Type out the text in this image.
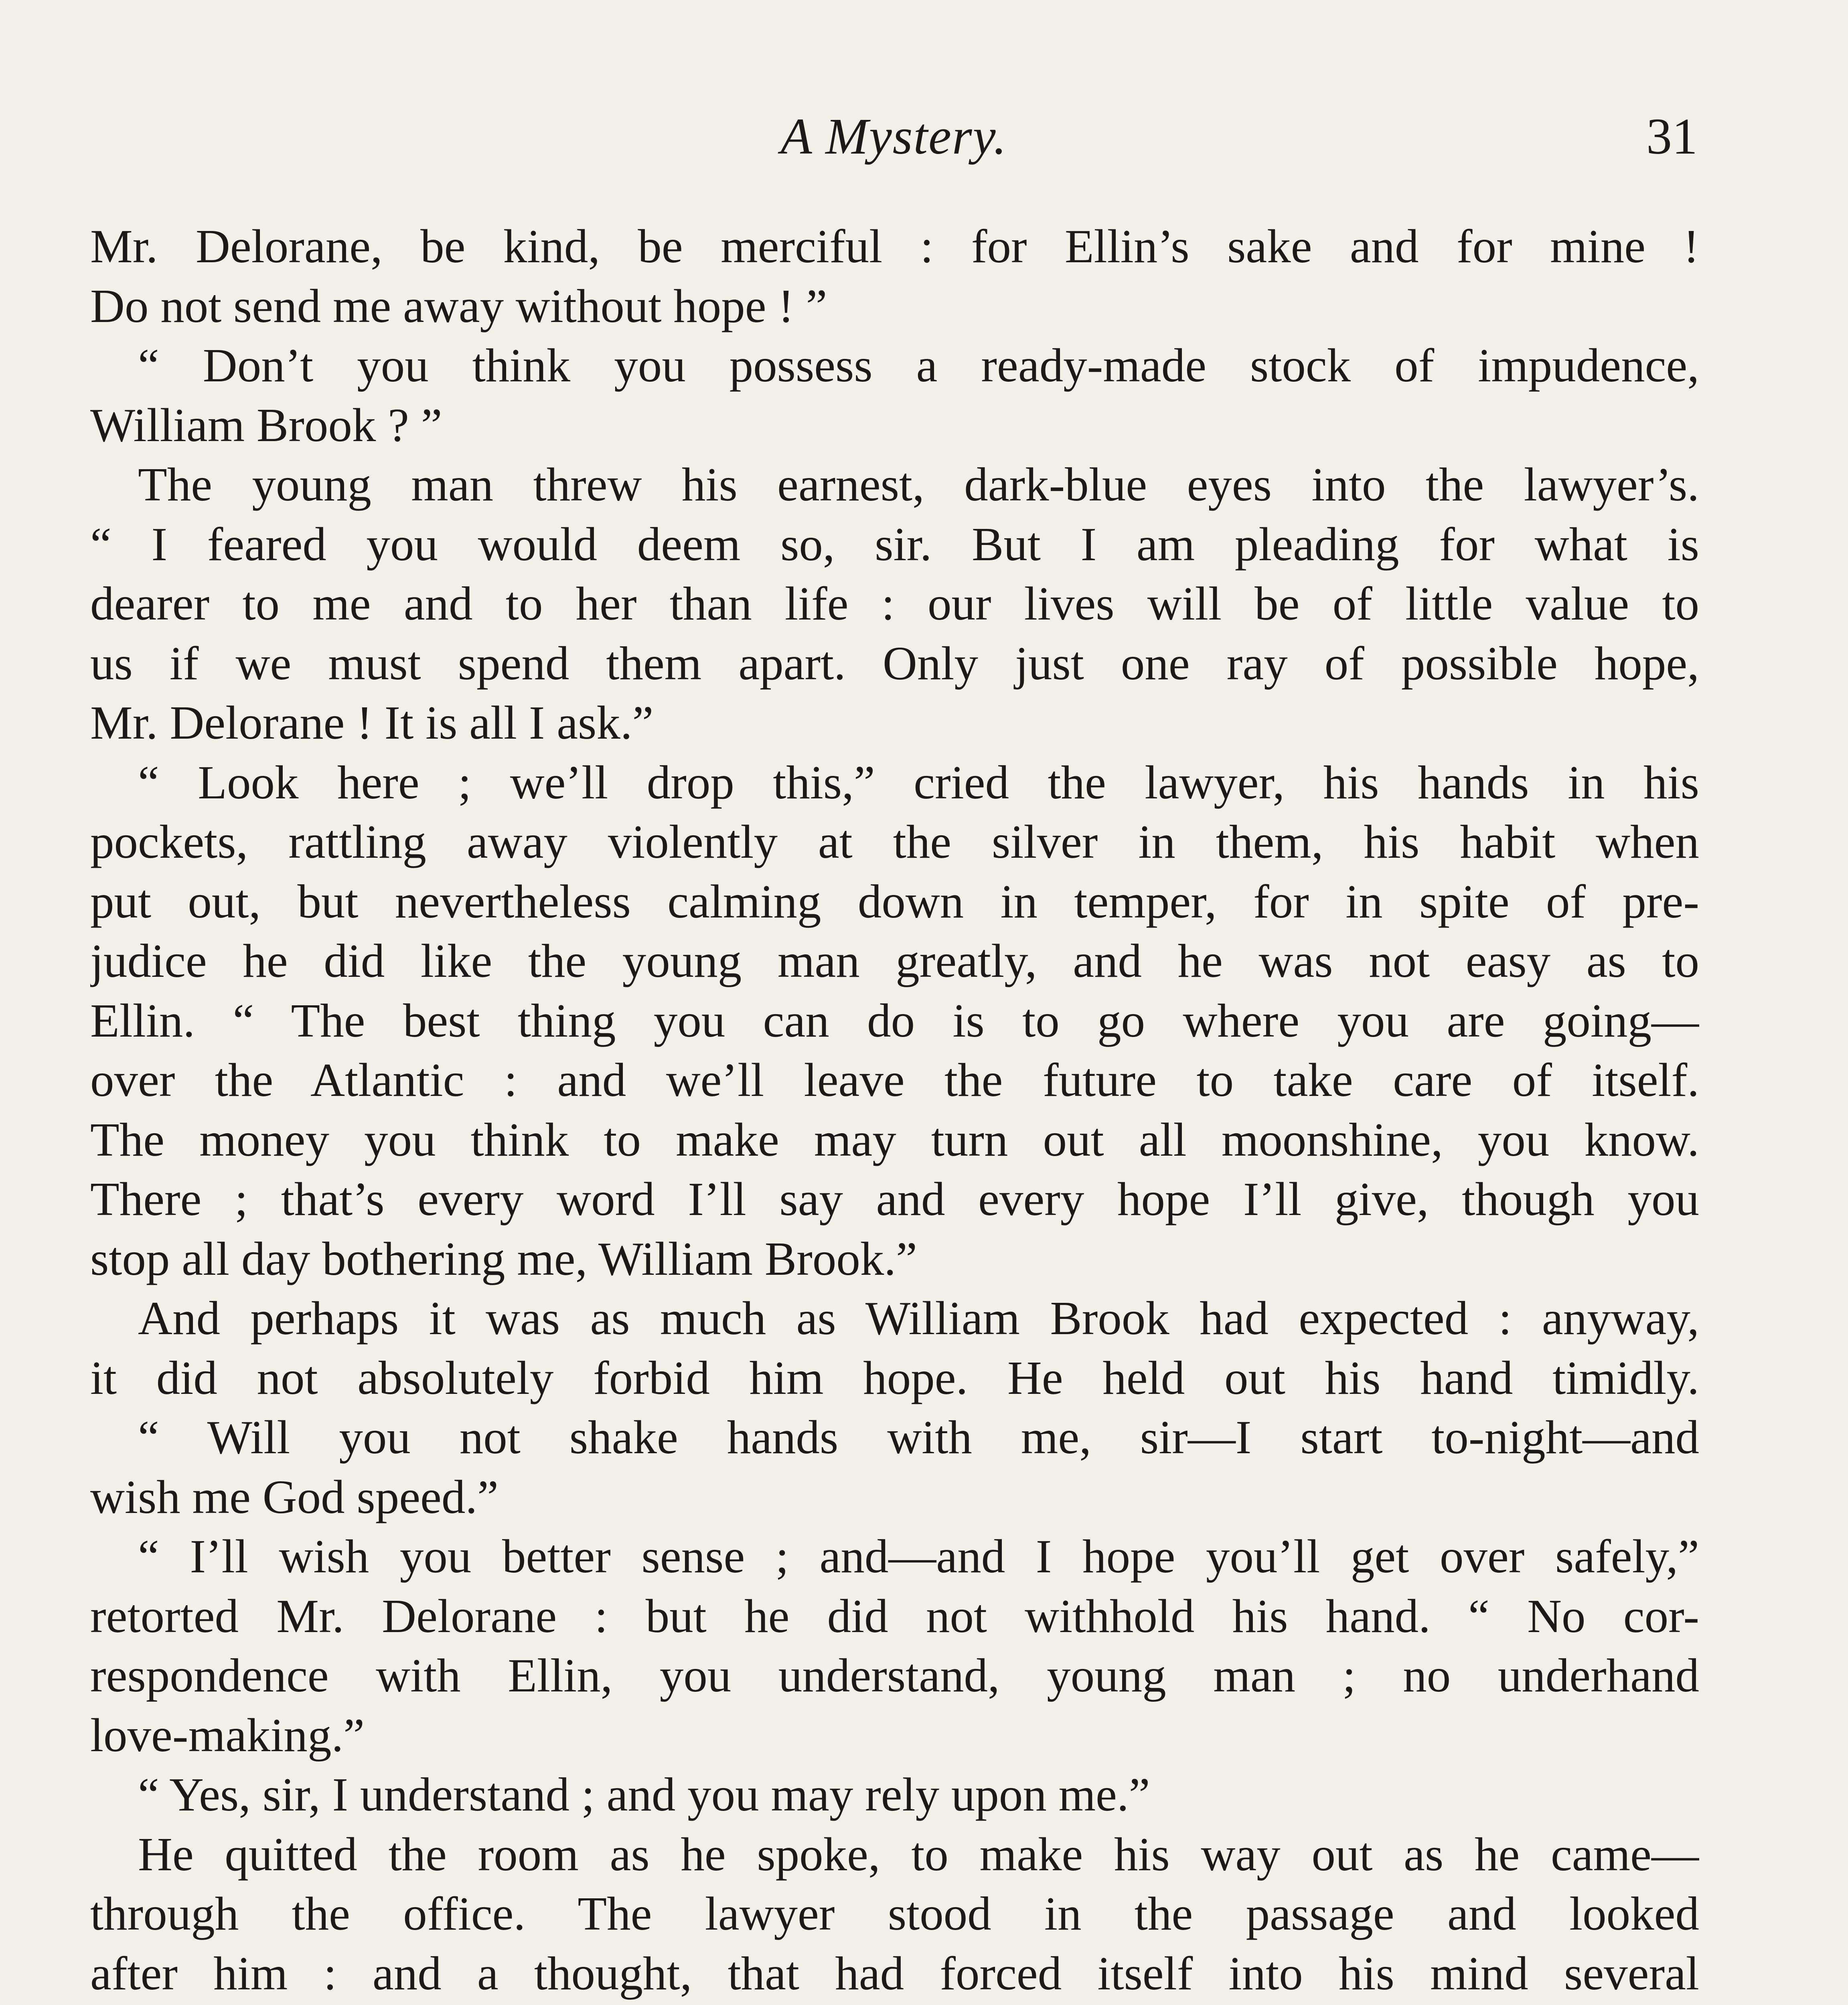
A Mystery.	31
Mr. Delorane, be kind, be merciful : for Ellin’s sake and for mine !
Do not send me away without hope ! ”
“ Don’t you think you possess a ready-made stock of impudence,
William Brook ? ”
The young man threw his earnest, dark-blue eyes into the lawyer’s.
“ I feared you would deem so, sir. But I am pleading for what is
dearer to me and to her than life : our lives will be of little value to
us if we must spend them apart. Only just one ray of possible hope,
Mr. Delorane ! It is all I ask.”
“ Look here ; we’ll drop this,” cried the lawyer, his hands in his
pockets, rattling away violently at the silver in them, his habit when
put out, but nevertheless calming down in temper, for in spite of pre-
judice he did like the young man greatly, and he was not easy as to
Ellin. “ The best thing you can do is to go where you are going—
over the Atlantic : and we’ll leave the future to take care of itself.
The money you think to make may turn out all moonshine, you know.
There ; that’s every word I’ll say and every hope I’ll give, though you
stop all day bothering me, William Brook.”
And perhaps it was as much as William Brook had expected : anyway,
it did not absolutely forbid him hope. He held out his hand timidly.
“ Will you not shake hands with me, sir—I start to-night—and
wish me God speed.”
“ I’ll wish you better sense ; and—and I hope you’ll get over safely,”
retorted Mr. Delorane : but he did not withhold his hand. “ No cor-
respondence with Ellin, you understand, young man ; no underhand
love-making.”
“ Yes, sir, I understand ; and you may rely upon me.”
He quitted the room as he spoke, to make his way out as he came—
through the office. The lawyer stood in the passage and looked
after him : and a thought, that had forced itself into his mind several
